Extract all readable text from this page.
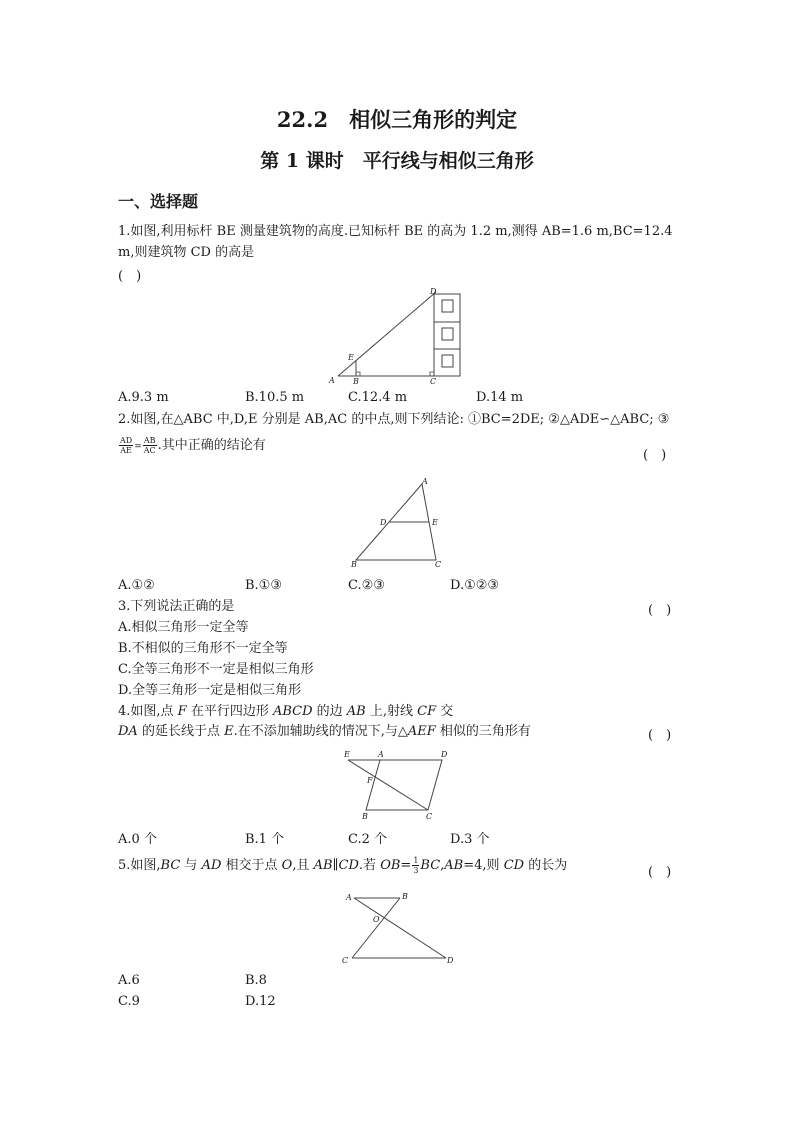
22.2　相似三角形的判定
第 1 课时　平行线与相似三角形
一、选择题
1.如图,利用标杆 BE 测量建筑物的高度.已知标杆 BE 的高为 1.2 m,测得 AB=1.6 m,BC=12.4
m,则建筑物 CD 的高是
(　)
A B	C
D
E
A.9.3 m	B.10.5 m	C.12.4 m	D.14 m
2.如图,在△ABC 中,D,E 分别是 AB,AC 的中点,则下列结论: ①BC=2DE; ②△ADE∽△ABC; ③
$\frac{AD}{AE} = \frac{AB}{AC}$ .其中正确的结论有
(　)
A
B	C
D	E
A.①②	B.①③	C.②③	D.①②③
3.下列说法正确的是	(　)
A.相似三角形一定全等
B.不相似的三角形不一定全等
C.全等三角形不一定是相似三角形
D.全等三角形一定是相似三角形
4.如图,点 F 在平行四边形 ABCD 的边 AB 上,射线 CF 交
DA 的延长线于点 E.在不添加辅助线的情况下,与△AEF 相似的三角形有	(　)
E	A	D
F
B	C
A.0 个	B.1 个	C.2 个	D.3 个
5.如图,BC 与 AD 相交于点 O,且 AB∥CD.若 $OB= \frac{1}{3} BC,AB=4$,则 CD 的长为	(　)
A	B
O
C	D
A.6	B.8
C.9	D.12
